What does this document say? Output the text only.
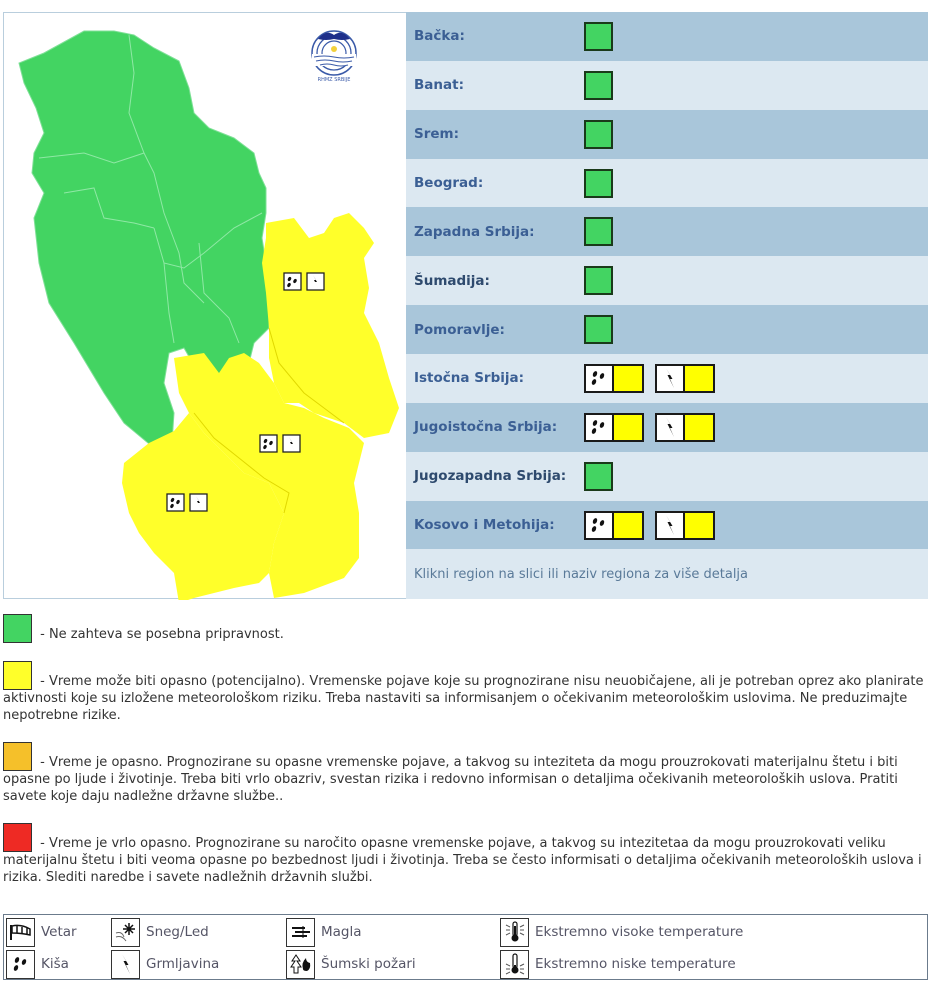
RHMZ SRBIJE
Bačka:
Banat:
Srem:
Beograd:
Zapadna Srbija:
Šumadija:
Pomoravlje:
Istočna Srbija:
Jugoistočna Srbija:
Jugozapadna Srbija:
Kosovo i Metohija:
Klikni region na slici ili naziv regiona za više detalja
- Ne zahteva se posebna pripravnost.
- Vreme može biti opasno (potencijalno). Vremenske pojave koje su prognozirane nisu neuobičajene, ali je potreban oprez ako planirate aktivnosti koje su izložene meteorološkom riziku. Treba nastaviti sa informisanjem o očekivanim meteorološkim uslovima. Ne preduzimajte nepotrebne rizike.
- Vreme je opasno. Prognozirane su opasne vremenske pojave, a takvog su inteziteta da mogu prouzrokovati materijalnu štetu i biti opasne po ljude i životinje. Treba biti vrlo obazriv, svestan rizika i redovno informisan o detaljima očekivanih meteoroloških uslova. Pratiti savete koje daju nadležne državne službe..
- Vreme je vrlo opasno. Prognozirane su naročito opasne vremenske pojave, a takvog su intezitetaa da mogu prouzrokovati veliku materijalnu štetu i biti veoma opasne po bezbednost ljudi i životinja. Treba se često informisati o detaljima očekivanih meteoroloških uslova i rizika. Slediti naredbe i savete nadležnih državnih službi.
Vetar
Kiša
Sneg/Led
Grmljavina
Magla
Šumski požari
Ekstremno visoke temperature
Ekstremno niske temperature
